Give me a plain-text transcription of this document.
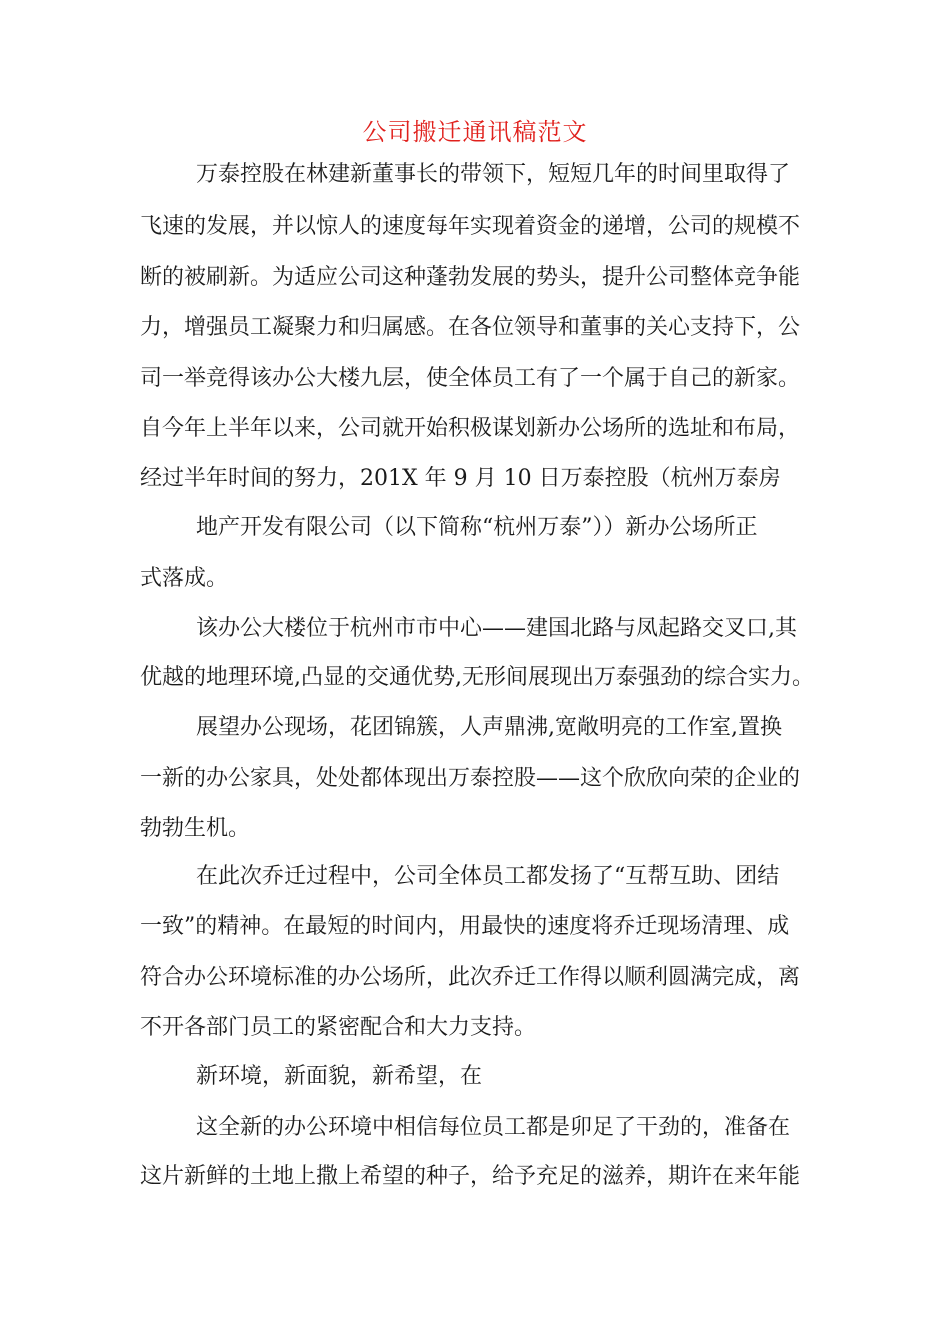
公司搬迁通讯稿范文
万泰控股在林建新董事长的带领下，短短几年的时间里取得了
飞速的发展，并以惊人的速度每年实现着资金的递增，公司的规模不
断的被刷新。为适应公司这种蓬勃发展的势头，提升公司整体竞争能
力，增强员工凝聚力和归属感。在各位领导和董事的关心支持下，公
司一举竞得该办公大楼九层，使全体员工有了一个属于自己的新家。
自今年上半年以来，公司就开始积极谋划新办公场所的选址和布局，
经过半年时间的努力，201X 年 9 月 10 日万泰控股（杭州万泰房
地产开发有限公司（以下简称“杭州万泰”））新办公场所正
式落成。
该办公大楼位于杭州市市中心——建国北路与凤起路交叉口,其
优越的地理环境,凸显的交通优势,无形间展现出万泰强劲的综合实力。
展望办公现场，花团锦簇，人声鼎沸,宽敞明亮的工作室,置换
一新的办公家具，处处都体现出万泰控股——这个欣欣向荣的企业的
勃勃生机。
在此次乔迁过程中，公司全体员工都发扬了“互帮互助、团结
一致”的精神。在最短的时间内，用最快的速度将乔迁现场清理、成
符合办公环境标准的办公场所，此次乔迁工作得以顺利圆满完成，离
不开各部门员工的紧密配合和大力支持。
新环境，新面貌，新希望，在
这全新的办公环境中相信每位员工都是卯足了干劲的，准备在
这片新鲜的土地上撒上希望的种子，给予充足的滋养，期许在来年能
